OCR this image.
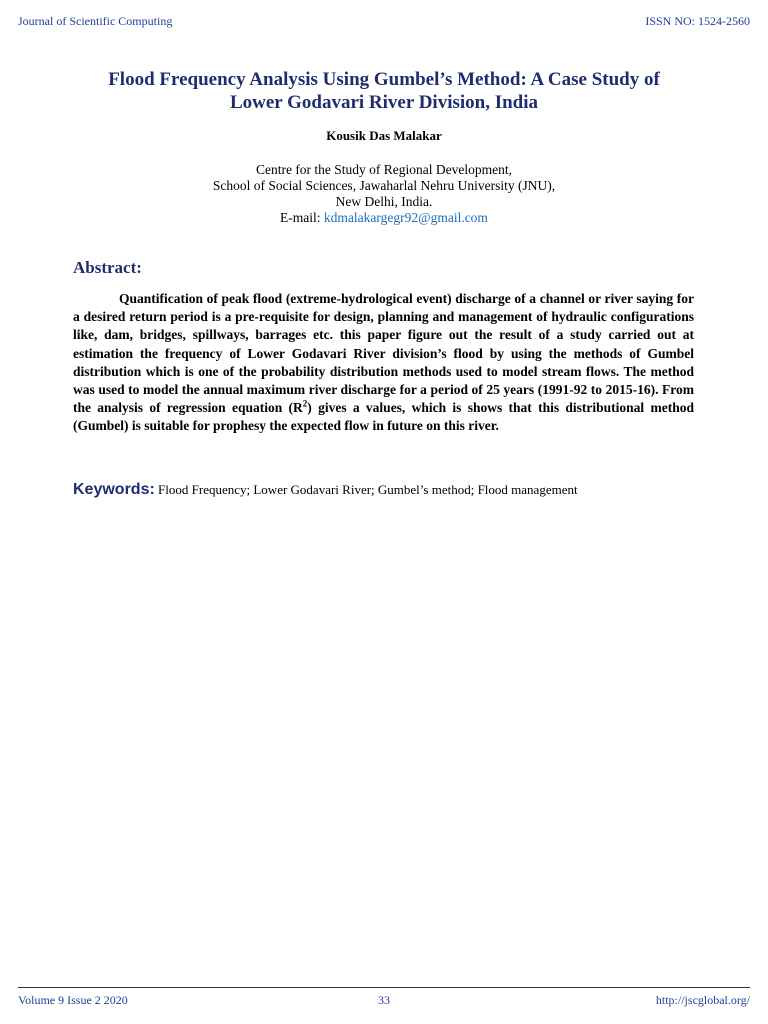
Journal of Scientific Computing	ISSN NO: 1524-2560
Flood Frequency Analysis Using Gumbel’s Method: A Case Study of
Lower Godavari River Division, India
Kousik Das Malakar
Centre for the Study of Regional Development,
School of Social Sciences, Jawaharlal Nehru University (JNU),
New Delhi, India.
E-mail: kdmalakargegr92@gmail.com
Abstract:
Quantification of peak flood (extreme-hydrological event) discharge of a channel or river saying for a desired return period is a pre-requisite for design, planning and management of hydraulic configurations like, dam, bridges, spillways, barrages etc. this paper figure out the result of a study carried out at estimation the frequency of Lower Godavari River division’s flood by using the methods of Gumbel distribution which is one of the probability distribution methods used to model stream flows. The method was used to model the annual maximum river discharge for a period of 25 years (1991-92 to 2015-16). From the analysis of regression equation $(R^2)$ gives a values, which is shows that this distributional method (Gumbel) is suitable for prophesy the expected flow in future on this river.
Keywords: Flood Frequency; Lower Godavari River; Gumbel’s method; Flood management
Volume 9 Issue 2 2020	33	http://jscglobal.org/
